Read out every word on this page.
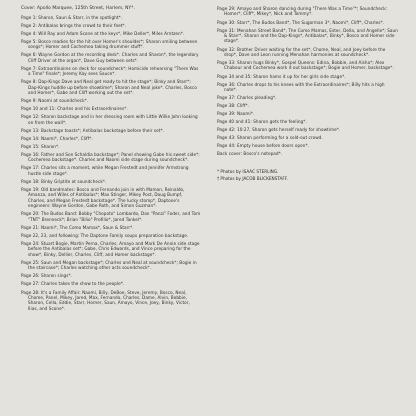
Cover: Apollo Marquee, 125th Street, Harlem, NY*.
Page 1: Sharon, Saun & Starr, in the spotlight*.
Page 2: Antibalas brings the crowd to their feet*.
Page 4: Will Ray and Adam Scone at the keys*, Mike Deller*, Miles Arntzen*.
Page 5: Bosco readies for the hit over Homer's shoulder*; Sharon smiling between songs*; Homer and Cochemea taking drummer stuff*.
Page 6: Wayne Gordon at the recording desk*. Charles and Sharon*, the legendary Cliff Driver at the organ*, Dave Guy between sets*.
Page 7: Extraordinaires on deck for soundcheck*; Homicide rehearsing "There Was a Time" finale*; Jeremy Kay sees Sauce*.
Page 8: Dap-Kings Dave and Neal get ready to hit the stage*; Binky and Starr*; Dap-Kings huddle up before showtime*; Sharon and Neal joke*. Charles, Bosco and Homer*, Gabe and Cliff working out the set*.
Page 9: Naomi at soundcheck*.
Page 10 and 11: Charles and his Extraordinaires*.
Page 12: Sharon backstage and in her dressing room with Little Willie John looking on from the wall*.
Page 13: Backstage toasts*; Antibalas backstage before their set*.
Page 14: Naomi*, Charles*, Cliff*.
Page 15: Sharon*.
Page 16: Father and Son Schaldia backstage*; Panel showing Gabe his sweet side*; Cochemea backstage*. Charles and Naomi side stage during soundcheck*.
Page 17: Charles sits a moment, while Megan Frestedt and Jennifer Armstrong hustle side stage*.
Page 18: Binky Griptite at soundcheck*.
Page 19: Old bandmates: Bosco and Fernando join in with Mamon, Reinaldo, Amanza, and Wiles of Antibalas*; Max Stinger, Mikey Post, Doug Bumpf, Charles, and Megan Frestedt backstage*. The lucky stomp*, Daptone's engineers: Wayne Gordon, Gabe Roth, and Simon Guzman*.
Page 20: The Budos Band: Bobby "Chopoto" Lombardo, Dan "Panzi" Foder, and Tom "TNT" Brenneck*; Brian "Bilio" Profilio*, Jared Tankel*.
Page 21: Naomi*, The Como Mamas*, Saun & Starr*.
Page 22, 23, and following: The Daptone Family soups preparation backstage.
Page 24: Stuart Bogie, Martín Perna, Charles, Amayo and Mark De Annie side stage before the Antibalas set*; Gabe, Chris Edwards, and Vince preparing for the show*, Binky, Dellier, Charles, Cliff, and Homer backstage*.
Page 25: Saun and Megan backstage*; Charles and Neal at soundcheck*; Bogie in the staircase*; Charles watching other acts soundcheck*.
Page 26: Sharon sings*.
Page 27: Charles takes the show to the people*.
Page 28: It's a Family Affair: Naomi, Billy, DeBoe, Steve, Jeremy, Bosco, Neal, Chome, Panel, Mikey, Jared, Max, Fernando, Charles, Dame, Alvin, Bobbie, Sharon, Cella, Eddie, Starr, Homer, Saun, Amayo, Vince, Joey, Binky, Victor, Ilias, and Scone*.
Page 29: Amayo and Sharon dancing during "There Was a Time"*; Soundcheck: Homer*, Cliff*, Mikey*, Nick and Tommy*.
Page 30: Starr*, The Budos Band*, The Sugarman 3*, Naomi*, Cliff*, Charles*.
Page 31: Menahan Street Band*, The Como Mamas, Ester, Della, and Angelle*; Saun & Starr*, Sharon and the Dap-Kings*, Antibalas*, Binky*, Bosco and Homer side stage*.
Page 32: Brother Driver waiting for the set*, Chome, Neal, and Joey before the drop*, Dave and Leon running Menahan harmonies at soundcheck*.
Page 33: Sharon hugs Binky*, Gospel Queens: Edina, Bobbie, and Aisha*; Alex Chabour and Cochemea work it out backstage*; Bogie and Homer, backstage*.
Page 34 and 35: Sharon hams it up for her girls side stage*.
Page 36: Charles drops to his knees with the Extraordinaires*; Billy hits a high note*.
Page 37: Charles pleading*.
Page 38: Cliff*.
Page 39: Naomi*.
Page 40 and 41: Sharon gets the feeling*.
Page 42: 10:27, Sharon gets herself ready for showtime*.
Page 43: Sharon performing for a sold-out crowd.
Page 44: Empty house before doors open*.
Back cover: Bosco's notepad*.
* Photos by ISAAC STERLING.
† Photos by JACOB BLICKENSTAFF.
